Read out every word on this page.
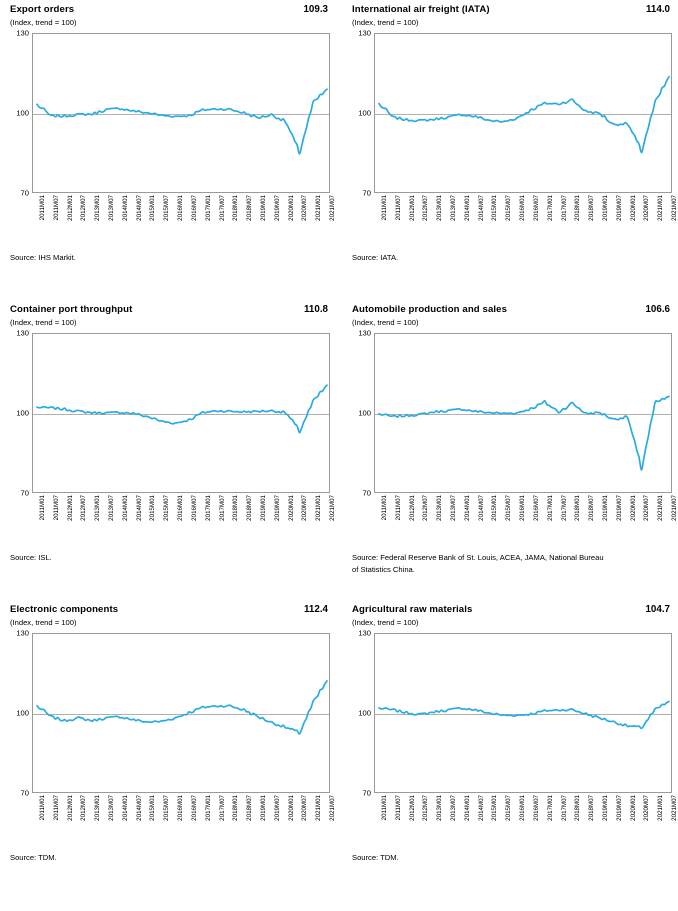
Export orders	109.3
(Index, trend = 100)
130
100
70
2011M01 2011M07 2012M01 2012M07 2013M01 2013M07 2014M01 2014M07 2015M01 2015M07 2016M01 2016M07 2017M01 2017M07 2018M01 2018M07 2019M01 2019M07 2020M01 2020M07 2021M01 2021M07
Source: IHS Markit.
International air freight (IATA)	114.0
(Index, trend = 100)
130
100
70
2011M01 2011M07 2012M01 2012M07 2013M01 2013M07 2014M01 2014M07 2015M01 2015M07 2016M01 2016M07 2017M01 2017M07 2018M01 2018M07 2019M01 2019M07 2020M01 2020M07 2021M01 2021M07
Source: IATA.
Container port throughput	110.8
(Index, trend = 100)
130
100
70
2011M01 2011M07 2012M01 2012M07 2013M01 2013M07 2014M01 2014M07 2015M01 2015M07 2016M01 2016M07 2017M01 2017M07 2018M01 2018M07 2019M01 2019M07 2020M01 2020M07 2021M01 2021M07
Source: ISL.
Automobile production and sales	106.6
(Index, trend = 100)
130
100
70
2011M01 2011M07 2012M01 2012M07 2013M01 2013M07 2014M01 2014M07 2015M01 2015M07 2016M01 2016M07 2017M01 2017M07 2018M01 2018M07 2019M01 2019M07 2020M01 2020M07 2021M01 2021M07
Source: Federal Reserve Bank of St. Louis, ACEA, JAMA, National Bureau
of Statistics China.
Electronic components	112.4
(Index, trend = 100)
130
100
70
2011M01 2011M07 2012M01 2012M07 2013M01 2013M07 2014M01 2014M07 2015M01 2015M07 2016M01 2016M07 2017M01 2017M07 2018M01 2018M07 2019M01 2019M07 2020M01 2020M07 2021M01 2021M07
Source: TDM.
Agricultural raw materials	104.7
(Index, trend = 100)
130
100
70
2011M01 2011M07 2012M01 2012M07 2013M01 2013M07 2014M01 2014M07 2015M01 2015M07 2016M01 2016M07 2017M01 2017M07 2018M01 2018M07 2019M01 2019M07 2020M01 2020M07 2021M01 2021M07
Source: TDM.
